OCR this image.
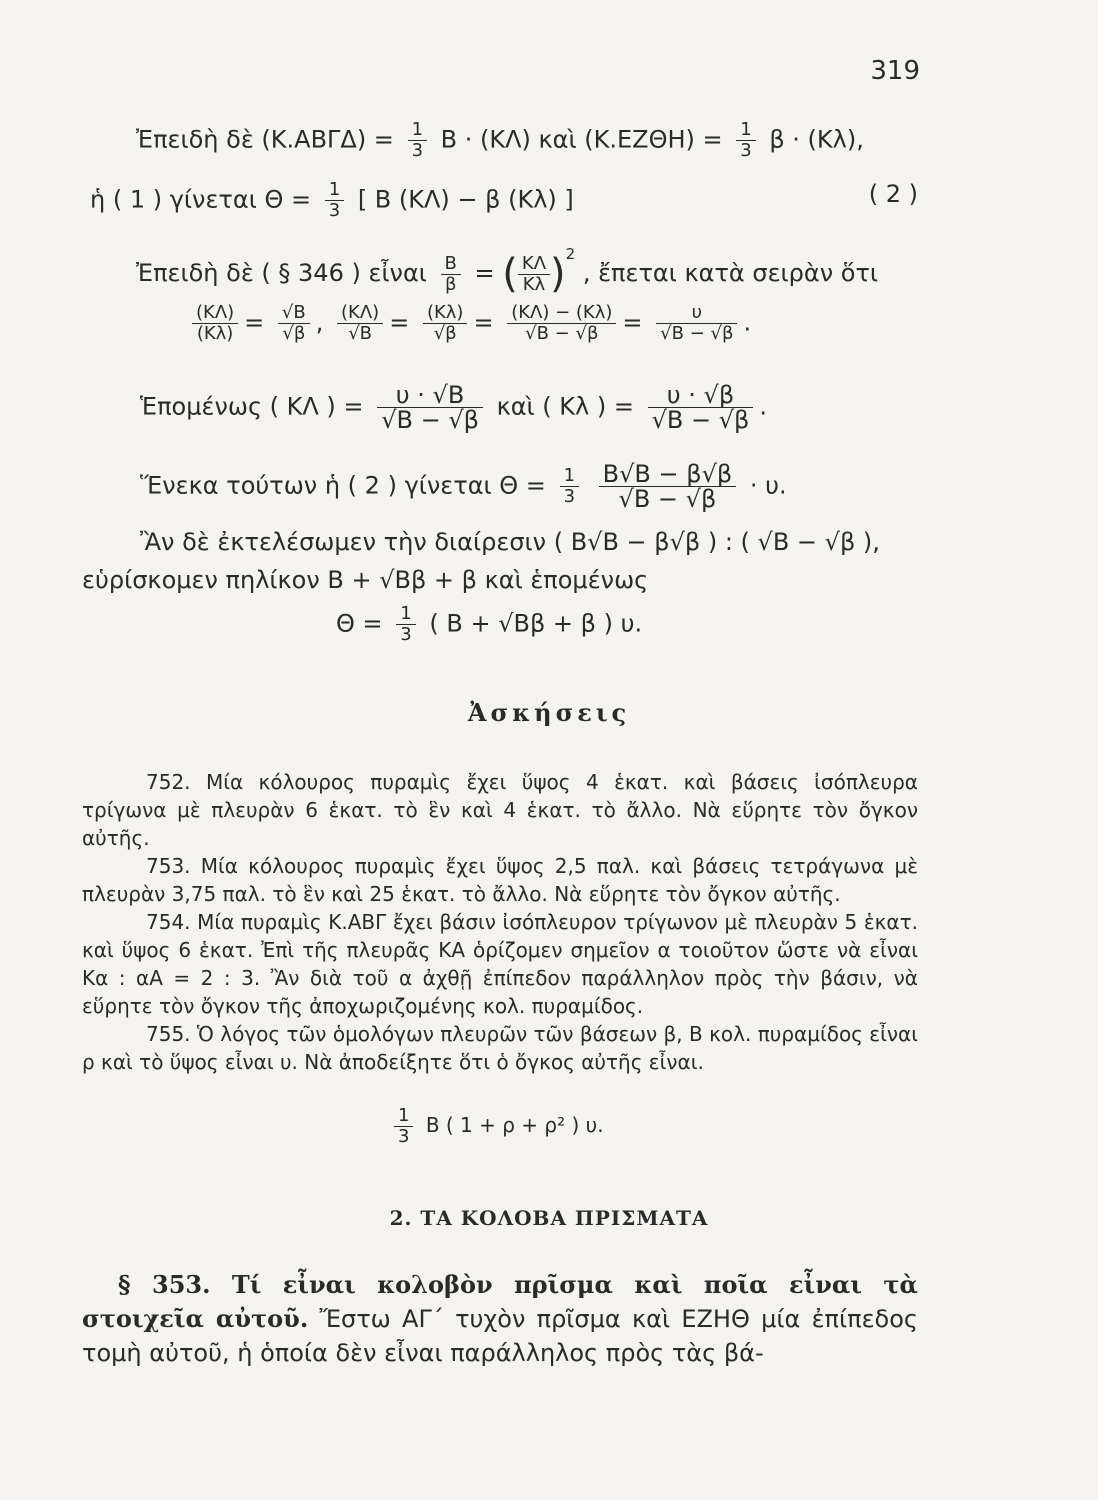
319
Ἐπειδὴ δὲ $(K.AB\Gamma\Delta) = \frac{1}{3}$ Β · (ΚΛ) καὶ $(K.EZ\Theta H) = \frac{1}{3}$ β · (Κλ),
ἡ ( 1 ) γίνεται $\Theta = \frac{1}{3}$ [ Β (ΚΛ) − β (Κλ) ]	( 2 )
Ἐπειδὴ δὲ ( § 346 ) εἶναι $\frac{B}{\beta}$ = ( $\frac{K\Lambda}{K\lambda} )^2$ , ἔπεται κατὰ σειρὰν ὅτι
$\frac{(K\Lambda)}{(K\lambda)} = \frac{√B}{√\beta}$ , $\frac{(K\Lambda)}{√B} = \frac{(K\lambda)}{√\beta} = \frac{(K\Lambda) - (K\lambda)}{√B - √\beta} = \frac{\upsilon}{√B - √\beta}$ .
Ἑπομένως ( ΚΛ ) = $\frac{\upsilon \cdot √B}{√B - √\beta}$ καὶ ( Κλ ) = $\frac{\upsilon \cdot √\beta}{√B - √\beta}$ .
Ἕνεκα τούτων ἡ ( 2 ) γίνεται $\Theta = \frac{1}{3}$
$\frac{B√B - \beta√\beta}{√B - √\beta} \cdot \upsilon$.
Ἂν δὲ ἐκτελέσωμεν τὴν διαίρεσιν ( Β√Β − β√β ) : ( √Β − √β ),
εὑρίσκομεν πηλίκον Β + √Ββ + β καὶ ἑπομένως
$\Theta = \frac{1}{3}$ ( Β + √Ββ + β ) υ.
Ἀσκήσεις

752. Μία κόλουρος πυραμὶς ἔχει ὕψος 4 ἑκατ. καὶ βάσεις ἰσόπλευρα τρίγωνα μὲ πλευρὰν 6 ἑκατ. τὸ ἓν καὶ 4 ἑκατ. τὸ ἄλλο. Νὰ εὕρητε τὸν ὄγκον αὐτῆς.

753. Μία κόλουρος πυραμὶς ἔχει ὕψος 2,5 παλ. καὶ βάσεις τετράγωνα μὲ πλευρὰν 3,75 παλ. τὸ ἓν καὶ 25 ἑκατ. τὸ ἄλλο. Νὰ εὕρητε τὸν ὄγκον αὐτῆς.

754. Μία πυραμὶς Κ.ΑΒΓ ἔχει βάσιν ἰσόπλευρον τρίγωνον μὲ πλευρὰν 5 ἑκατ. καὶ ὕψος 6 ἑκατ. Ἐπὶ τῆς πλευρᾶς ΚΑ ὁρίζομεν σημεῖον α τοιοῦτον ὥστε νὰ εἶναι Κα : αΑ = 2 : 3. Ἂν διὰ τοῦ α ἀχθῇ ἐπίπεδον παράλληλον πρὸς τὴν βάσιν, νὰ εὕρητε τὸν ὄγκον τῆς ἀποχωριζομένης κολ. πυραμίδος.

755. Ὁ λόγος τῶν ὁμολόγων πλευρῶν τῶν βάσεων β, Β κολ. πυραμίδος εἶναι ρ καὶ τὸ ὕψος εἶναι υ. Νὰ ἀποδείξητε ὅτι ὁ ὄγκος αὐτῆς εἶναι.

$\frac{1}{3}$ Β ( 1 + ρ + ρ² ) υ.
2. ΤΑ ΚΟΛΟΒΑ ΠΡΙΣΜΑΤΑ

§ 353. Τί εἶναι κολοβὸν πρῖσμα καὶ ποῖα εἶναι τὰ στοιχεῖα αὐτοῦ. Ἔστω ΑΓ΄ τυχὸν πρῖσμα καὶ ΕΖΗΘ μία ἐπίπεδος τομὴ αὐτοῦ, ἡ ὁποία δὲν εἶναι παράλληλος πρὸς τὰς βά-
